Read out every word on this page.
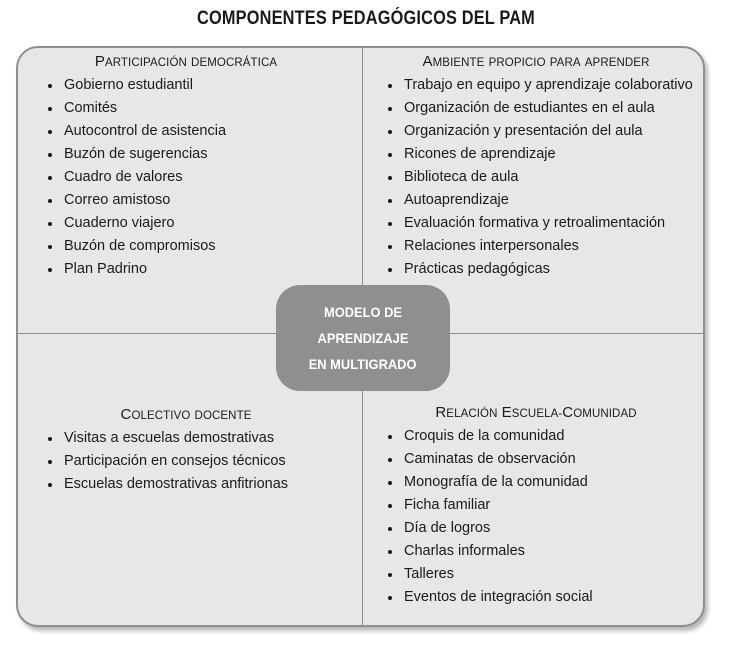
COMPONENTES PEDAGÓGICOS DEL PAM
PARTICIPACIÓN DEMOCRÁTICA
Gobierno estudiantil
Comités
Autocontrol de asistencia
Buzón de sugerencias
Cuadro de valores
Correo amistoso
Cuaderno viajero
Buzón de compromisos
Plan Padrino
AMBIENTE PROPICIO PARA APRENDER
Trabajo en equipo y aprendizaje colaborativo
Organización de estudiantes en el aula
Organización y presentación del aula
Ricones de aprendizaje
Biblioteca de aula
Autoaprendizaje
Evaluación formativa y retroalimentación
Relaciones interpersonales
Prácticas pedagógicas
COLECTIVO DOCENTE
Visitas a escuelas demostrativas
Participación en consejos técnicos
Escuelas demostrativas anfitrionas
RELACIÓN ESCUELA-COMUNIDAD
Croquis de la comunidad
Caminatas de observación
Monografía de la comunidad
Ficha familiar
Día de logros
Charlas informales
Talleres
Eventos de integración social
MODELO DE APRENDIZAJE
EN MULTIGRADO
